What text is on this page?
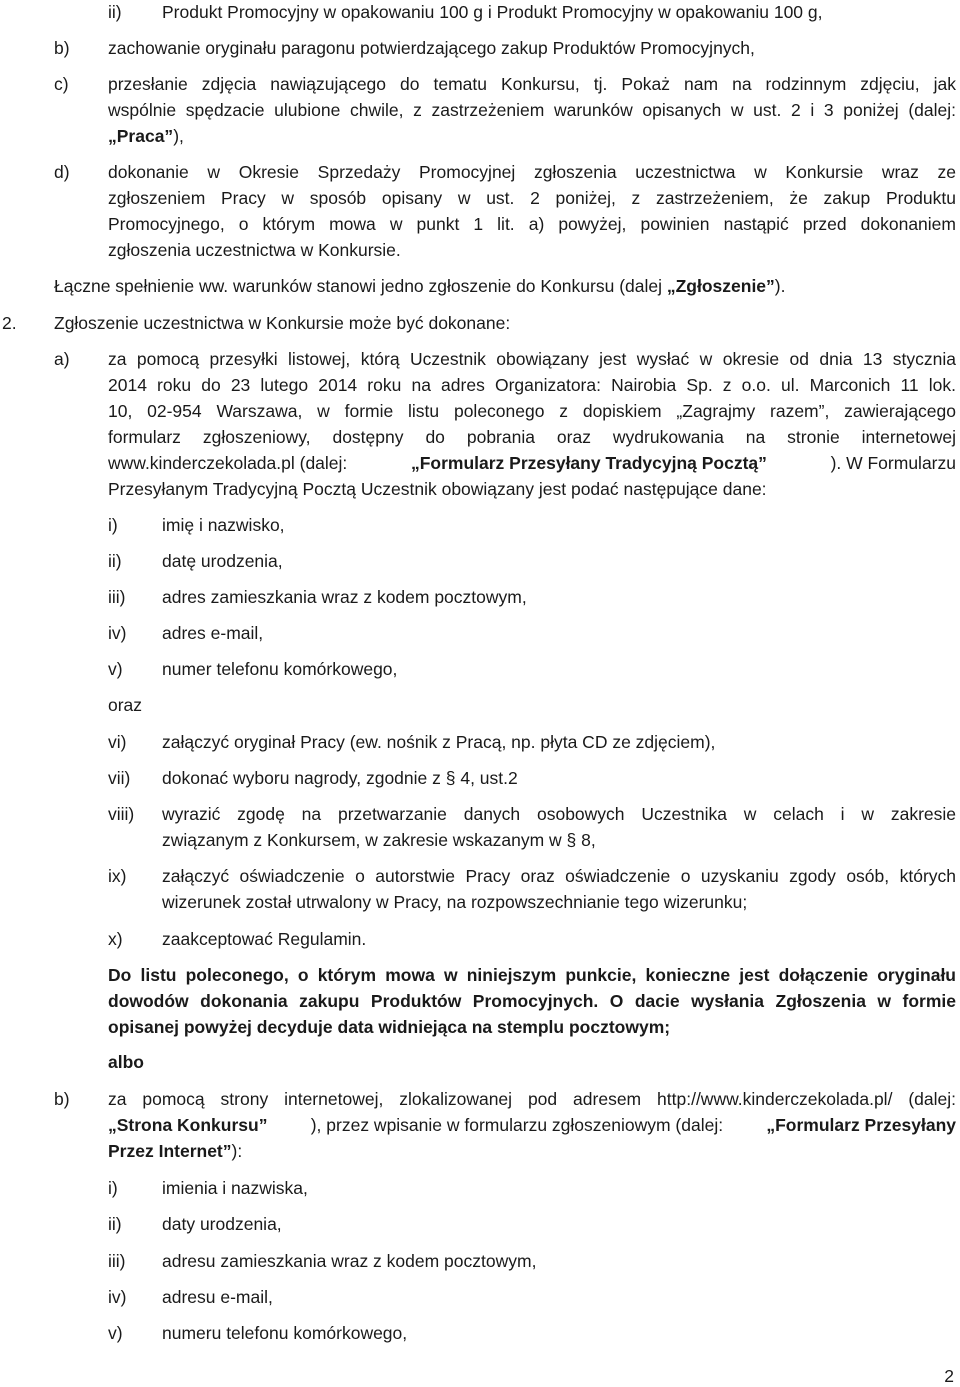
ii) Produkt Promocyjny w opakowaniu 100 g i Produkt Promocyjny w opakowaniu 100 g,
b) zachowanie oryginału paragonu potwierdzającego zakup Produktów Promocyjnych,
c) przesłanie zdjęcia nawiązującego do tematu Konkursu, tj. Pokaż nam na rodzinnym zdjęciu, jak
wspólnie spędzacie ulubione chwile, z zastrzeżeniem warunków opisanych w ust. 2 i 3 poniżej (dalej:
„Praca”),
d) dokonanie w Okresie Sprzedaży Promocyjnej zgłoszenia uczestnictwa w Konkursie wraz ze
zgłoszeniem Pracy w sposób opisany w ust. 2 poniżej, z zastrzeżeniem, że zakup Produktu
Promocyjnego, o którym mowa w punkt 1 lit. a) powyżej, powinien nastąpić przed dokonaniem
zgłoszenia uczestnictwa w Konkursie.
Łączne spełnienie ww. warunków stanowi jedno zgłoszenie do Konkursu (dalej „Zgłoszenie”).
2. Zgłoszenie uczestnictwa w Konkursie może być dokonane:
a) za pomocą przesyłki listowej, którą Uczestnik obowiązany jest wysłać w okresie od dnia 13 stycznia
2014 roku do 23 lutego 2014 roku na adres Organizatora: Nairobia Sp. z o.o. ul. Marconich 11 lok.
10, 02-954 Warszawa, w formie listu poleconego z dopiskiem „Zagrajmy razem”, zawierającego
formularz zgłoszeniowy, dostępny do pobrania oraz wydrukowania na stronie internetowej
www.kinderczekolada.pl (dalej:	„Formularz Przesyłany Tradycyjną Pocztą”	). W Formularzu
Przesyłanym Tradycyjną Pocztą Uczestnik obowiązany jest podać następujące dane:
i)	imię i nazwisko,
ii) datę urodzenia,
iii) adres zamieszkania wraz z kodem pocztowym,
iv) adres e-mail,
v) numer telefonu komórkowego,
oraz
vi) załączyć oryginał Pracy (ew. nośnik z Pracą, np. płyta CD ze zdjęciem),
vii) dokonać wyboru nagrody, zgodnie z § 4, ust.2
viii) wyrazić zgodę na przetwarzanie danych osobowych Uczestnika w celach i w zakresie
związanym z Konkursem, w zakresie wskazanym w § 8,
ix) załączyć oświadczenie o autorstwie Pracy oraz oświadczenie o uzyskaniu zgody osób, których
wizerunek został utrwalony w Pracy, na rozpowszechnianie tego wizerunku;
x) zaakceptować Regulamin.
Do listu poleconego, o którym mowa w niniejszym punkcie, konieczne jest dołączenie oryginału
dowodów dokonania zakupu Produktów Promocyjnych. O dacie wysłania Zgłoszenia w formie
opisanej powyżej decyduje data widniejąca na stemplu pocztowym;
albo
b) za pomocą strony internetowej, zlokalizowanej pod adresem http://www.kinderczekolada.pl/ (dalej:
„Strona Konkursu” ), przez wpisanie w formularzu zgłoszeniowym (dalej: „Formularz Przesyłany
Przez Internet”):
i)	imienia i nazwiska,
ii) daty urodzenia,
iii) adresu zamieszkania wraz z kodem pocztowym,
iv) adresu e-mail,
v) numeru telefonu komórkowego,
2
